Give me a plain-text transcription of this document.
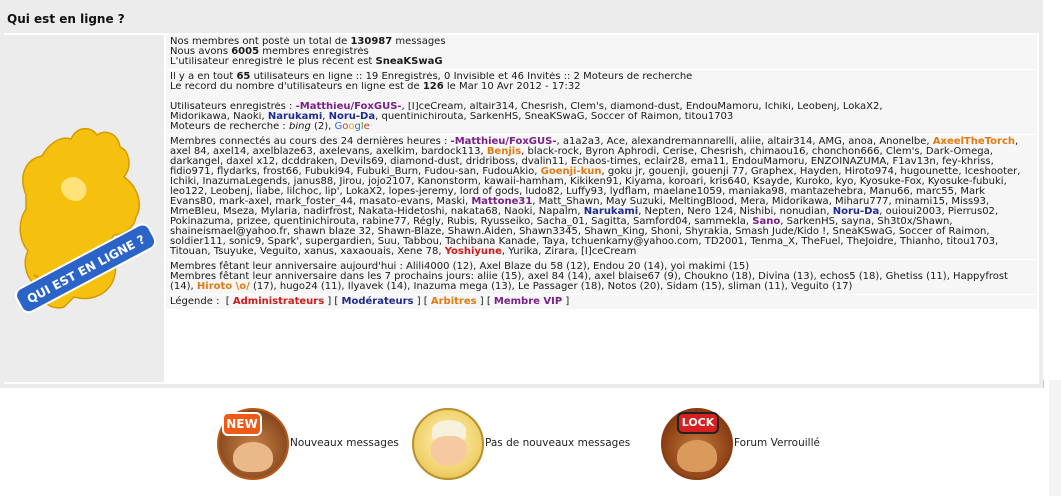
Qui est en ligne ?
QUI EST EN LIGNE ?
Nos membres ont posté un total de 130987 messages
Nous avons 6005 membres enregistrés
L'utilisateur enregistré le plus récent est SneaKSwaG
Il y a en tout 65 utilisateurs en ligne :: 19 Enregistrés, 0 Invisible et 46 Invités :: 2 Moteurs de recherche
Le record du nombre d'utilisateurs en ligne est de 126 le Mar 10 Avr 2012 - 17:32
Utilisateurs enregistrés : -Matthieu/FoxGUS-, [I]ceCream, altair314, Chesrish, Clem's, diamond-dust, EndouMamoru, Ichiki, Leobenj, LokaX2,
Midorikawa, Naoki, Narukami, Noru-Da, quentinichirouta, SarkenHS, SneaKSwaG, Soccer of Raimon, titou1703
Moteurs de recherche : bing (2), Google
Membres connectés au cours des 24 dernières heures : -Matthieu/FoxGUS-, a1a2a3, Ace, alexandremannarelli, aliie, altair314, AMG, anoa, Anonelbe, AxeelTheTorch, axel 84, axel14, axelblaze63, axelevans, axelkim, bardock113, Benjis, black-rock, Byron Aphrodi, Cerise, Chesrish, chimaou16, chonchon666, Clem's, Dark-Omega, darkangel, daxel x12, dcddraken, Devils69, diamond-dust, dridriboss, dvalin11, Echaos-times, eclair28, ema11, EndouMamoru, ENZOINAZUMA, F1av13n, fey-khriss, fidio971, flydarks, frost66, Fubuki94, Fubuki_Burn, Fudou-san, FudouAkio, Goenji-kun, goku jr, gouenji, gouenji 77, Graphex, Hayden, Hiroto974, hugounette, Iceshooter, Ichiki, InazumaLegends, janus88, Jirou, jojo2107, Kanonstorm, kawaii-hamham, Kikiken91, Kiyama, koroari, kris640, Ksayde, Kuroko, kyo, Kyosuke-Fox, Kyosuke-fubuki, leo122, Leobenj, liabe, lilchoc, lip', LokaX2, lopes-jeremy, lord of gods, ludo82, Luffy93, lydflam, maelane1059, maniaka98, mantazehebra, Manu66, marc55, Mark Evans80, mark-axel, mark_foster_44, masato-evans, Maski, Mattone31, Matt_Shawn, May Suzuki, MeltingBlood, Mera, Midorikawa, Miharu777, minami15, Miss93, MmeBleu, Mseza, Mylaria, nadirfrost, Nakata-Hidetoshi, nakata68, Naoki, Napalm, Narukami, Nepten, Nero 124, Nishibi, nonudian, Noru-Da, ouioui2003, Pierrus02, Pokinazuma, prizee, quentinichirouta, rabine77, Régly, Rubis, Ryusseiko, Sacha_01, Sagitta, Samford04, sammekla, Sano, SarkenHS, sayna, Sh3t0x/Shawn, shaineismael@yahoo.fr, shawn blaze 32, Shawn-Blaze, Shawn.Aiden, Shawn3345, Shawn_King, Shoni, Shyrakia, Smash Jude/Kido !, SneaKSwaG, Soccer of Raimon, soldier111, sonic9, Spark', supergardien, Suu, Tabbou, Tachibana Kanade, Taya, tchuenkamy@yahoo.com, TD2001, Tenma_X, TheFuel, TheJoidre, Thianho, titou1703, Titouan, Tsuyuke, Veguito, xanus, xaxaouais, Xene 78, Yoshiyune, Yurika, Zirara, [I]ceCream
Membres fêtant leur anniversaire aujourd'hui : Alili4000 (12), Axel Blaze du 58 (12), Endou 20 (14), yoi makimi (15)
Membres fêtant leur anniversaire dans les 7 prochains jours: aliie (15), axel 84 (14), axel blaise67 (9), Choukno (18), Divina (13), echos5 (18), Ghetiss (11), Happyfrost (14), Hiroto \o/ (17), hugo24 (11), Ilyavek (14), Inazuma mega (13), Le Passager (18), Notos (20), Sidam (15), sliman (11), Veguito (17)
Légende :  [ Administrateurs ] [ Modérateurs ] [ Arbitres ] [ Membre VIP ]
NEW
Nouveaux messages	Pas de nouveaux messages
LOCK
Forum Verrouillé
